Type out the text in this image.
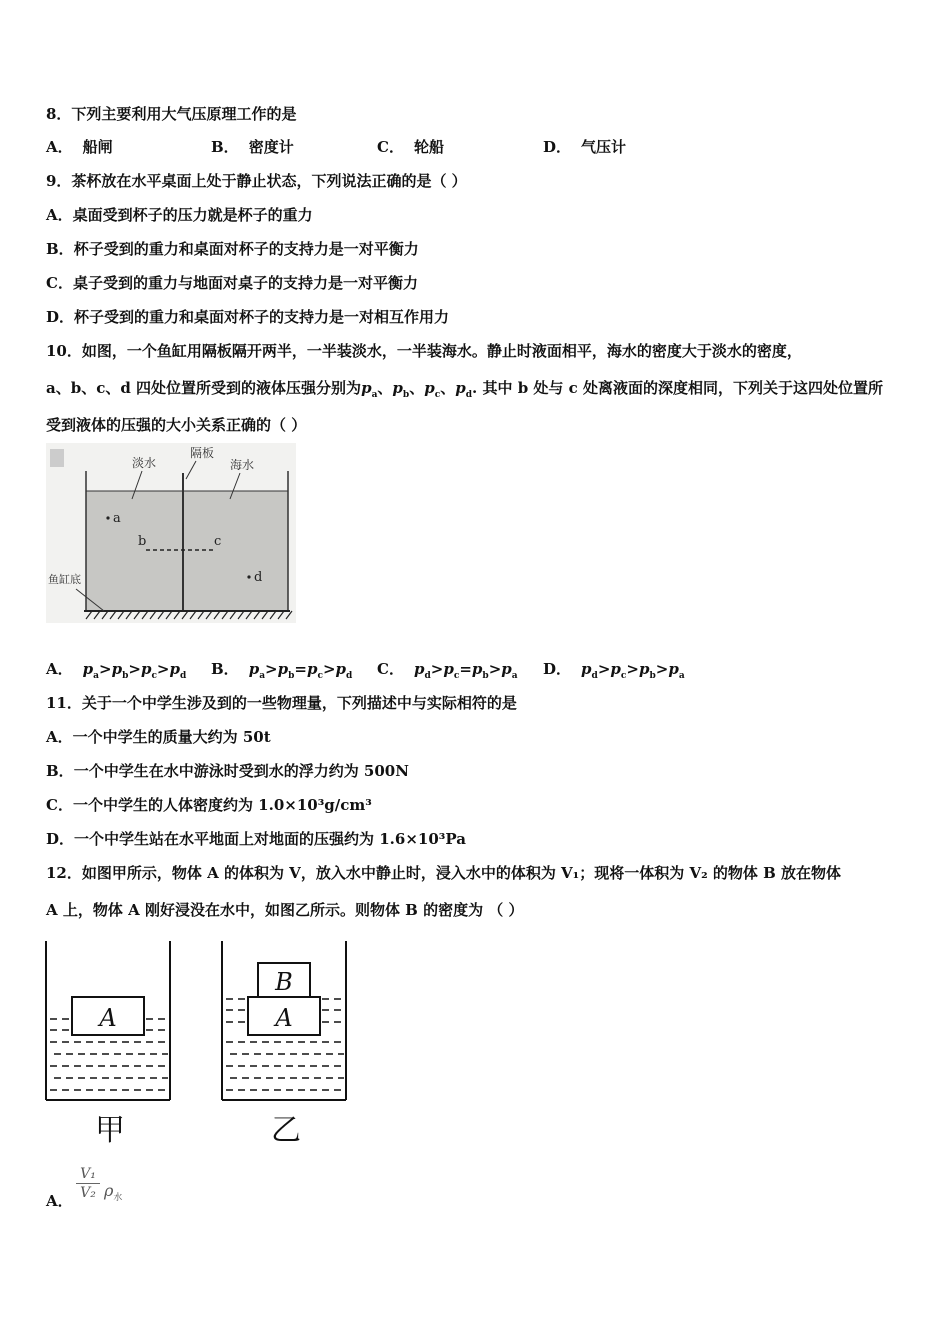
8．下列主要利用大气压原理工作的是
A． 船闸	B． 密度计	C． 轮船	D． 气压计
9．茶杯放在水平桌面上处于静止状态，下列说法正确的是（ ）
A．桌面受到杯子的压力就是杯子的重力
B．杯子受到的重力和桌面对杯子的支持力是一对平衡力
C．桌子受到的重力与地面对桌子的支持力是一对平衡力
D．杯子受到的重力和桌面对杯子的支持力是一对相互作用力
10．如图，一个鱼缸用隔板隔开两半，一半装淡水，一半装海水。静止时液面相平，海水的密度大于淡水的密度，
a、b、c、d 四处位置所受到的液体压强分别为$p_a$、$p_b$、$p_c$、$p_d$. 其中 b 处与 c 处离液面的深度相同，下列关于这四处位置所
受到液体的压强的大小关系正确的（ ）
淡水
隔板
海水
鱼缸底
a
b	c
d
A． $p_a>p_b>p_c>p_d$ B． $p_a>p_b=p_c>p_d$ C． $p_d>p_c=p_b>p_a$ D． $p_d>p_c>p_b>p_a$
11．关于一个中学生涉及到的一些物理量，下列描述中与实际相符的是
A．一个中学生的质量大约为 50t
B．一个中学生在水中游泳时受到水的浮力约为 500N
C．一个中学生的人体密度约为 1.0×10³g/cm³
D．一个中学生站在水平地面上对地面的压强约为 1.6×10³Pa
12．如图甲所示，物体 A 的体积为 V，放入水中静止时，浸入水中的体积为 V₁；现将一体积为 V₂ 的物体 B 放在物体
A 上，物体 A 刚好浸没在水中，如图乙所示。则物体 B 的密度为 （ ）
A
甲
A
B
乙
A．
V₁
V₂ $\rho_水$
